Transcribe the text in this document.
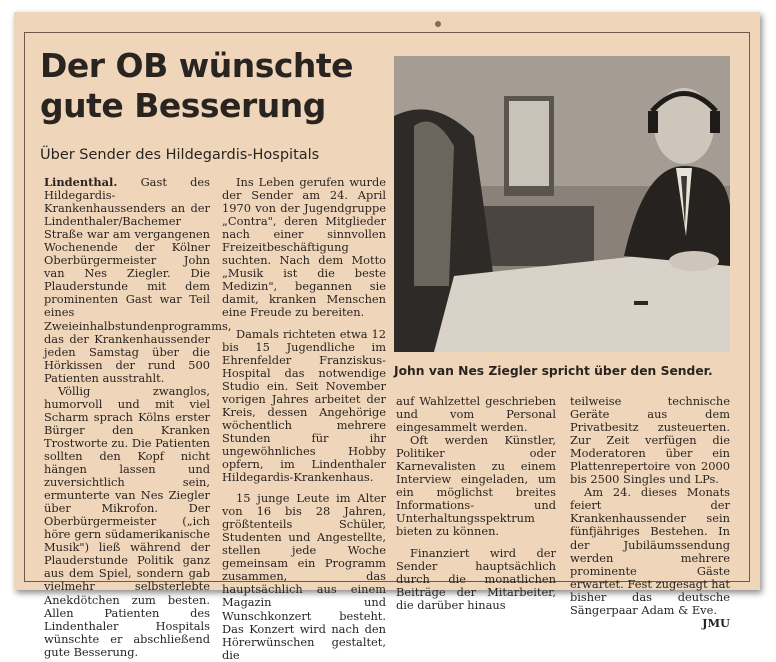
Der OB wünschte
gute Besserung
Über Sender des Hildegardis-Hospitals
John van Nes Ziegler spricht über den Sender.

Lindenthal. Gast des Hildegardis-Krankenhaussenders an der Lindenthaler/Bachemer Straße war am vergangenen Wochenende der Kölner Oberbürgermeister John van Nes Ziegler. Die Plauderstunde mit dem prominenten Gast war Teil eines Zweieinhalbstundenprogramms, das der Krankenhaussender jeden Samstag über die Hörkissen der rund 500 Patienten ausstrahlt.

Völlig zwanglos, humorvoll und mit viel Scharm sprach Kölns erster Bürger den Kranken Trostworte zu. Die Patienten sollten den Kopf nicht hängen lassen und zuversichtlich sein, ermunterte van Nes Ziegler über Mikrofon. Der Oberbürgermeister („ich höre gern südamerikanische Musik") ließ während der Plauderstunde Politik ganz aus dem Spiel, sondern gab vielmehr selbsterlebte Anekdötchen zum besten. Allen Patienten des Lindenthaler Hospitals wünschte er abschließend gute Besserung.

Ins Leben gerufen wurde der Sender am 24. April 1970 von der Jugendgruppe „Contra", deren Mitglieder nach einer sinnvollen Freizeitbeschäftigung suchten. Nach dem Motto „Musik ist die beste Medizin", begannen sie damit, kranken Menschen eine Freude zu bereiten.

Damals richteten etwa 12 bis 15 Jugendliche im Ehrenfelder Franziskus-Hospital das notwendige Studio ein. Seit November vorigen Jahres arbeitet der Kreis, dessen Angehörige wöchentlich mehrere Stunden für ihr ungewöhnliches Hobby opfern, im Lindenthaler Hildegardis-Krankenhaus.

15 junge Leute im Alter von 16 bis 28 Jahren, größtenteils Schüler, Studenten und Angestellte, stellen jede Woche gemeinsam ein Programm zusammen, das hauptsächlich aus einem Magazin und Wunschkonzert besteht. Das Konzert wird nach den Hörerwünschen gestaltet, die

auf Wahlzettel geschrieben und vom Personal eingesammelt werden.

Oft werden Künstler, Politiker oder Karnevalisten zu einem Interview eingeladen, um ein möglichst breites Informations- und Unterhaltungsspektrum bieten zu können.

Finanziert wird der Sender hauptsächlich durch die monatlichen Beiträge der Mitarbeiter, die darüber hinaus

teilweise technische Geräte aus dem Privatbesitz zusteuerten. Zur Zeit verfügen die Moderatoren über ein Plattenrepertoire von 2000 bis 2500 Singles und LPs.

Am 24. dieses Monats feiert der Krankenhaussender sein fünfjähriges Bestehen. In der Jubiläumssendung werden mehrere prominente Gäste erwartet. Fest zugesagt hat bisher das deutsche Sängerpaar Adam & Eve.
JMU
